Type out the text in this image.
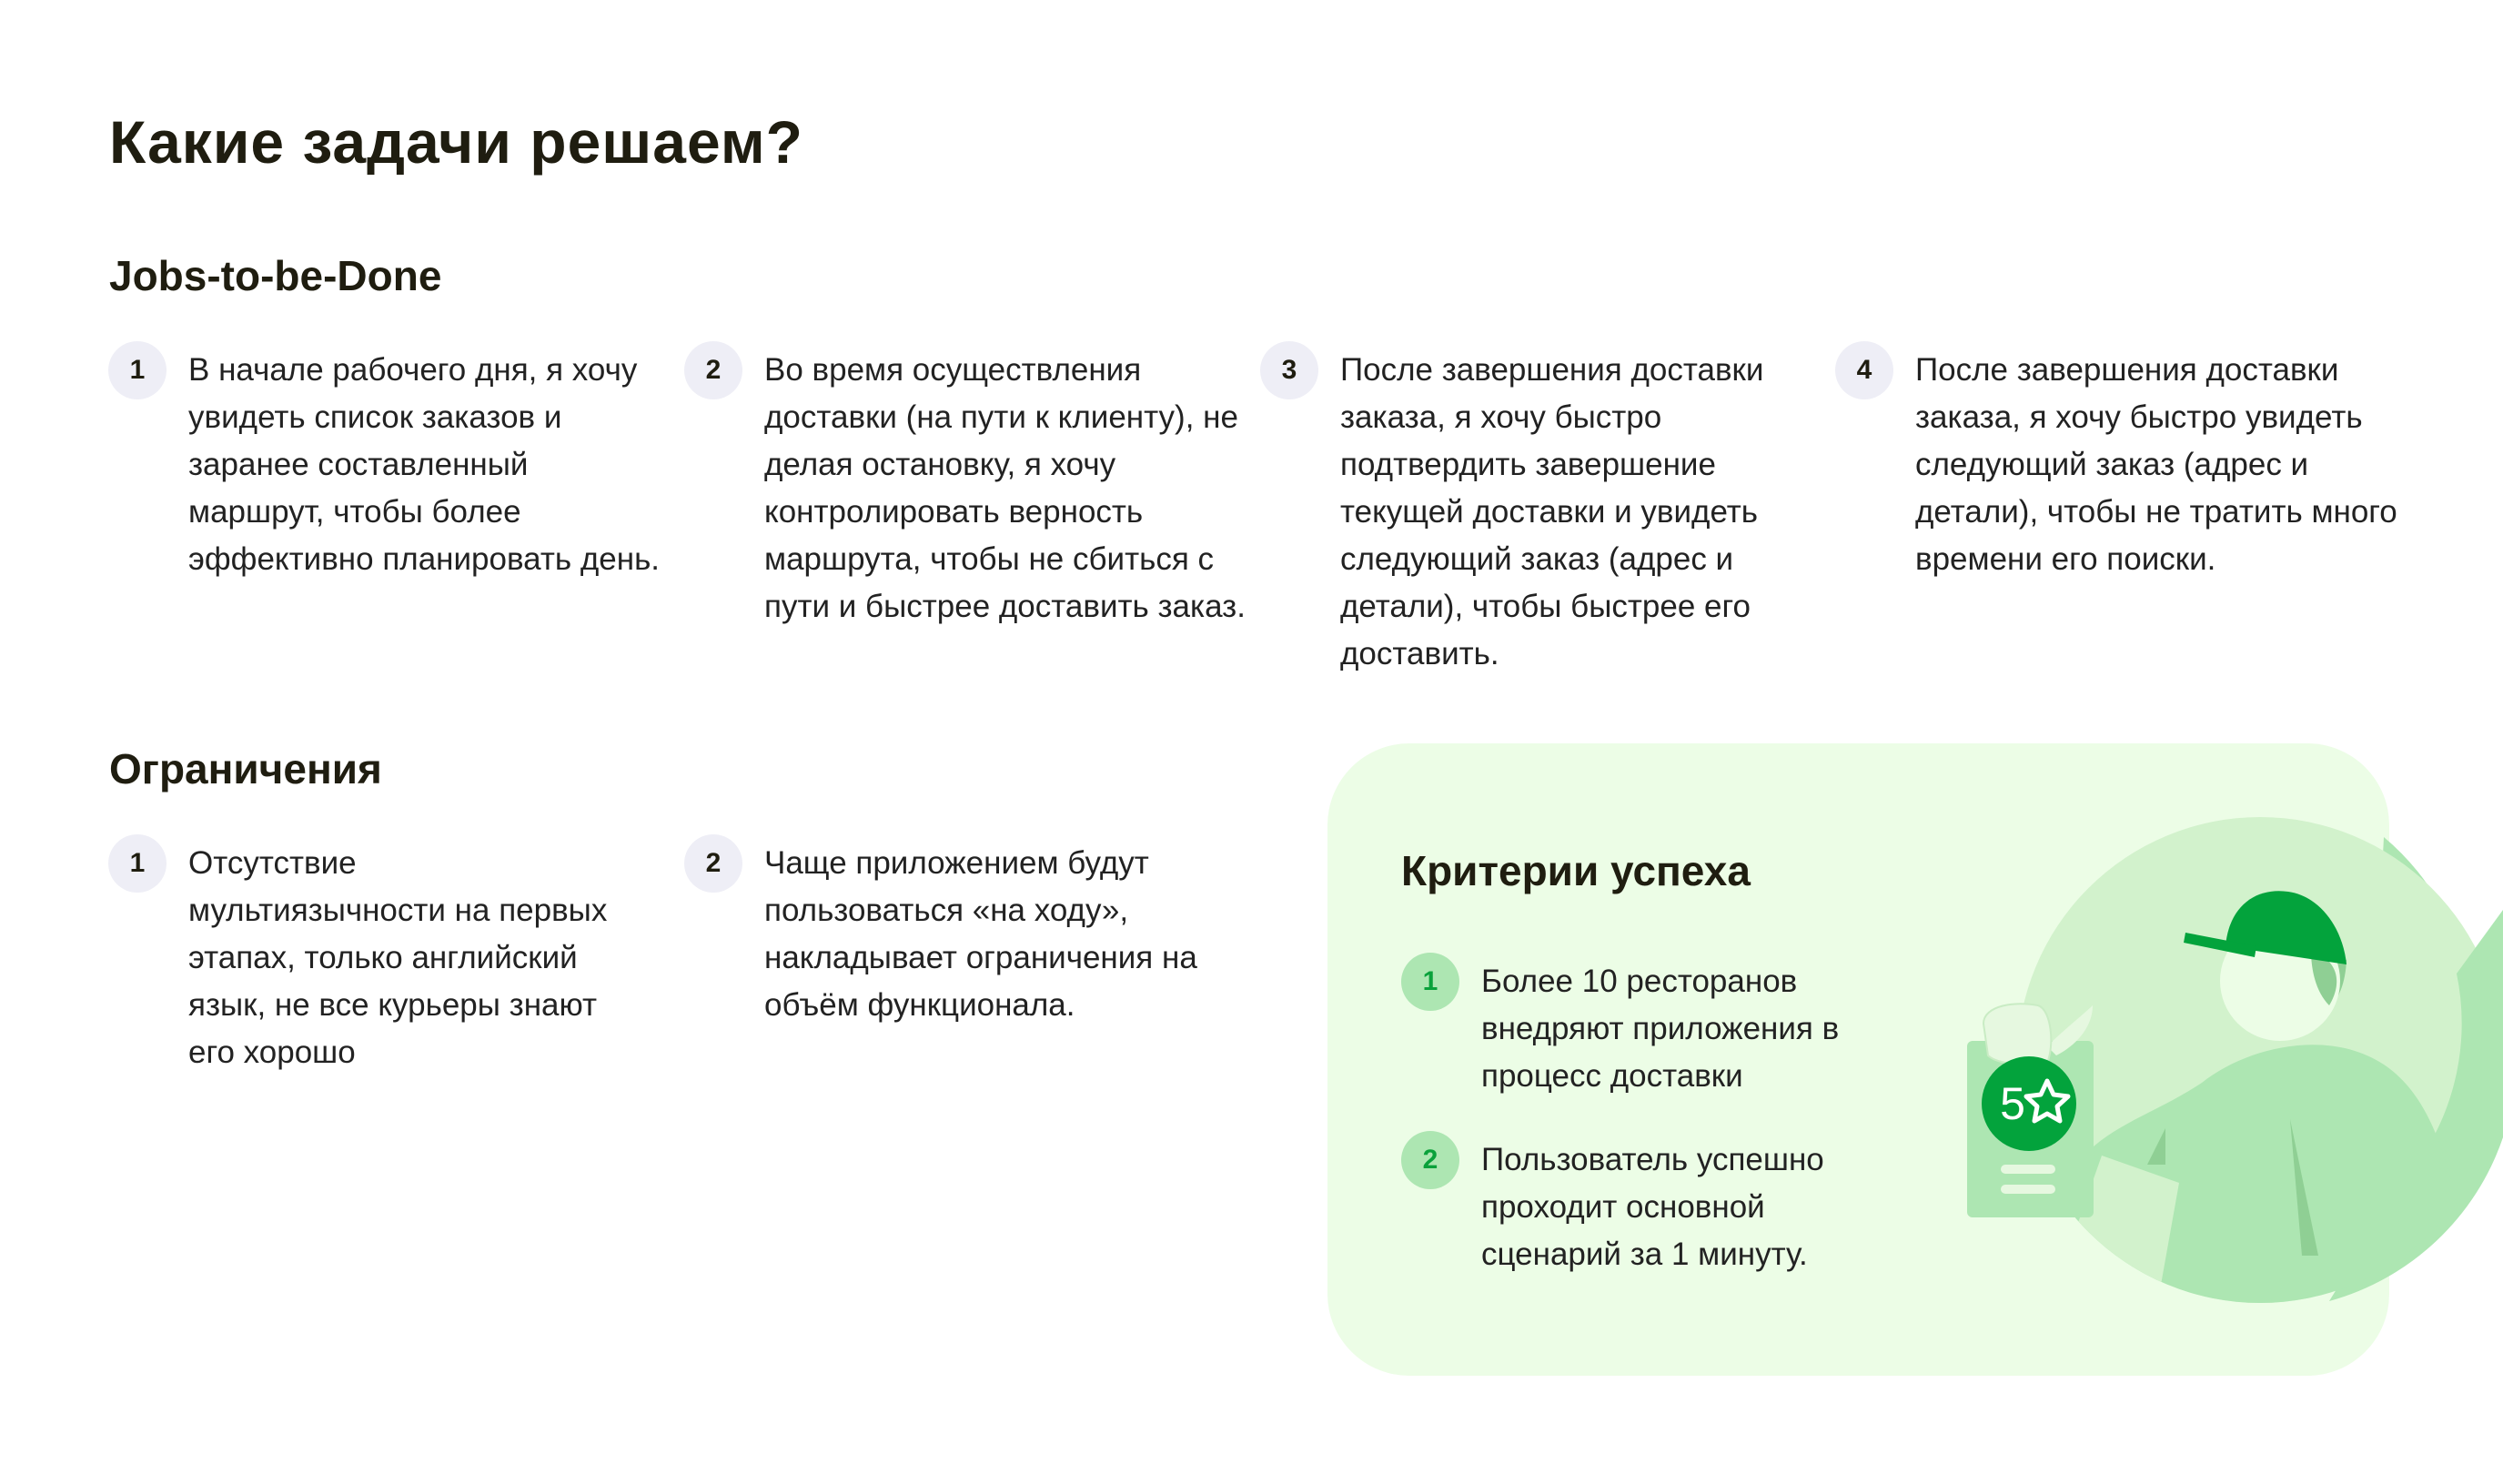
Какие задачи решаем?
Jobs-to-be-Done
1	В начале рабочего дня, я хочу увидеть список заказов и заранее составленный маршрут, чтобы более эффективно планировать день.
2	Во время осуществления доставки (на пути к клиенту), не делая остановку, я хочу контролировать верность маршрута, чтобы не сбиться с пути и быстрее доставить заказ.
3	После завершения доставки заказа, я хочу быстро подтвердить завершение текущей доставки и увидеть следующий заказ (адрес и детали), чтобы быстрее его доставить.
4	После завершения доставки заказа, я хочу быстро увидеть следующий заказ (адрес и детали), чтобы не тратить много времени его поиски.
Ограничения
1	Отсутствие мультиязычности на первых этапах, только английский язык, не все курьеры знают его хорошо
2	Чаще приложением будут пользоваться «на ходу», накладывает ограничения на объём функционала.
5
Критерии успеха
1	Более 10 ресторанов внедряют приложения в процесс доставки
2	Пользователь успешно проходит основной сценарий за 1 минуту.
